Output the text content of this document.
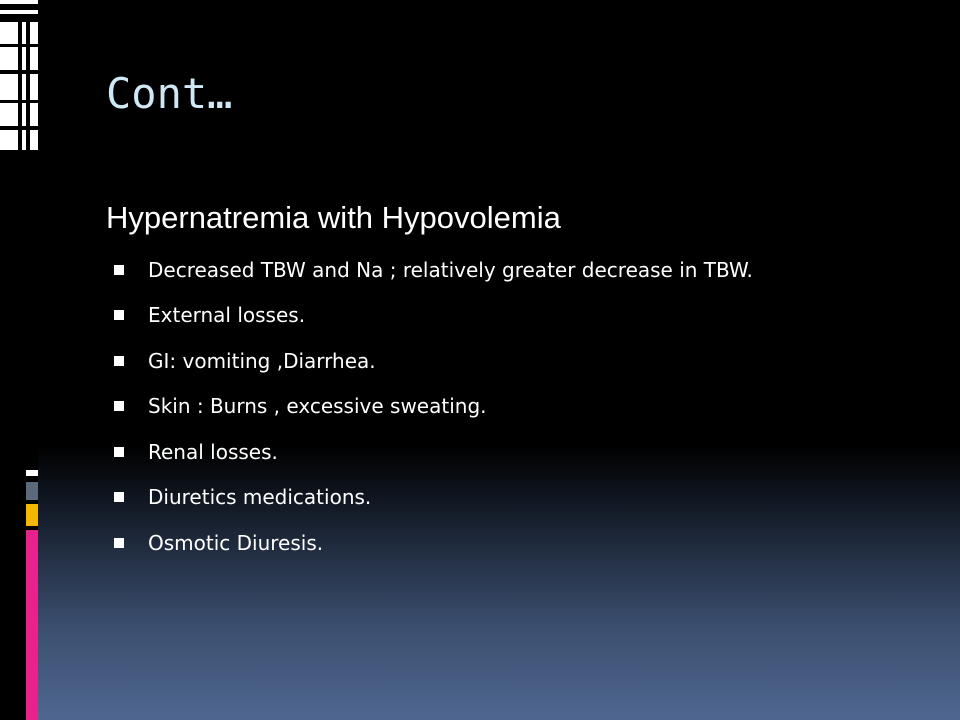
Cont…
Hypernatremia with Hypovolemia
Decreased TBW and Na ; relatively greater decrease in TBW.
External losses.
GI: vomiting ,Diarrhea.
Skin : Burns , excessive sweating.
Renal losses.
Diuretics medications.
Osmotic Diuresis.
